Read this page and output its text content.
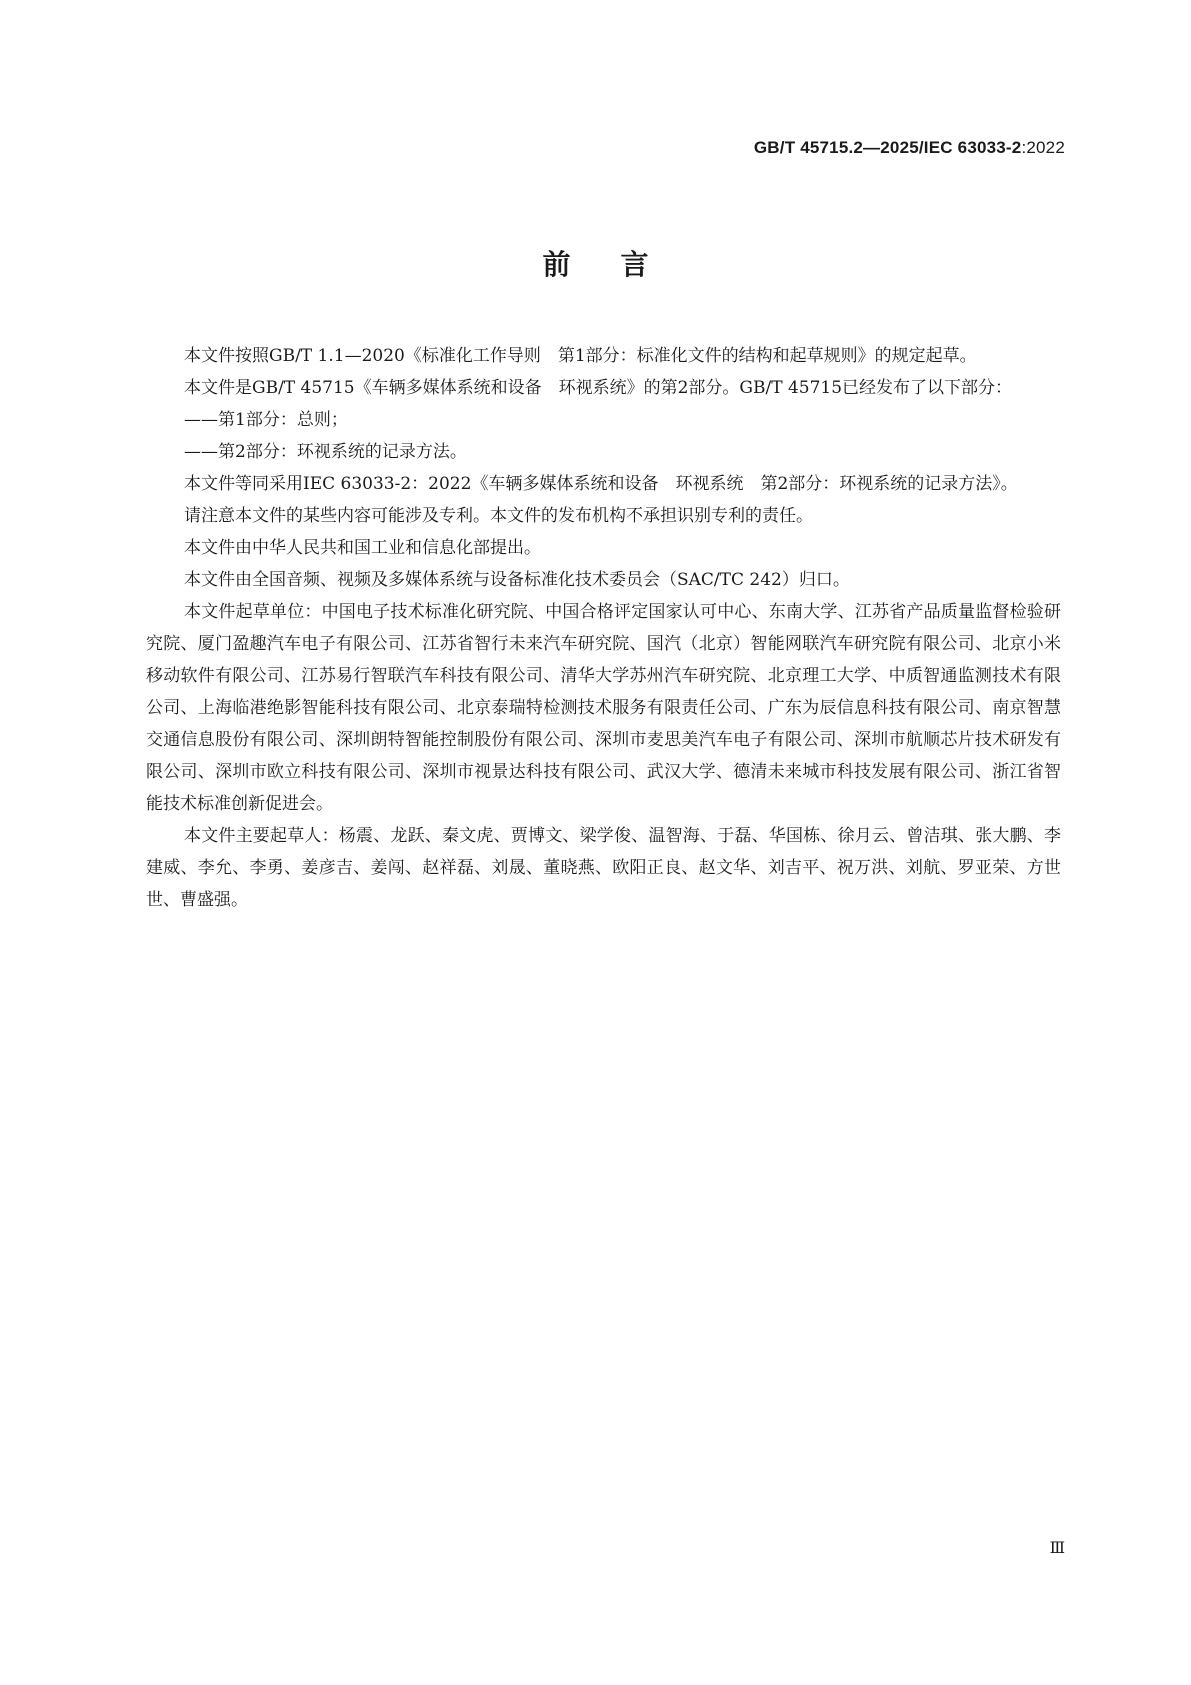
GB/T 45715.2—2025/IEC 63033-2:2022
前言

本文件按照GB/T 1.1—2020《标准化工作导则　第1部分：标准化文件的结构和起草规则》的规定起草。

本文件是GB/T 45715《车辆多媒体系统和设备　环视系统》的第2部分。GB/T 45715已经发布了以下部分：

——第1部分：总则；

——第2部分：环视系统的记录方法。

本文件等同采用IEC 63033-2：2022《车辆多媒体系统和设备　环视系统　第2部分：环视系统的记录方法》。

请注意本文件的某些内容可能涉及专利。本文件的发布机构不承担识别专利的责任。

本文件由中华人民共和国工业和信息化部提出。

本文件由全国音频、视频及多媒体系统与设备标准化技术委员会（SAC/TC 242）归口。

本文件起草单位：中国电子技术标准化研究院、中国合格评定国家认可中心、东南大学、江苏省产品质量监督检验研究院、厦门盈趣汽车电子有限公司、江苏省智行未来汽车研究院、国汽（北京）智能网联汽车研究院有限公司、北京小米移动软件有限公司、江苏易行智联汽车科技有限公司、清华大学苏州汽车研究院、北京理工大学、中质智通监测技术有限公司、上海临港绝影智能科技有限公司、北京泰瑞特检测技术服务有限责任公司、广东为辰信息科技有限公司、南京智慧交通信息股份有限公司、深圳朗特智能控制股份有限公司、深圳市麦思美汽车电子有限公司、深圳市航顺芯片技术研发有限公司、深圳市欧立科技有限公司、深圳市视景达科技有限公司、武汉大学、德清未来城市科技发展有限公司、浙江省智能技术标准创新促进会。

本文件主要起草人：杨震、龙跃、秦文虎、贾博文、梁学俊、温智海、于磊、华国栋、徐月云、曾洁琪、张大鹏、李建威、李允、李勇、姜彦吉、姜闯、赵祥磊、刘晟、董晓燕、欧阳正良、赵文华、刘吉平、祝万洪、刘航、罗亚荣、方世世、曹盛强。

Ⅲ
